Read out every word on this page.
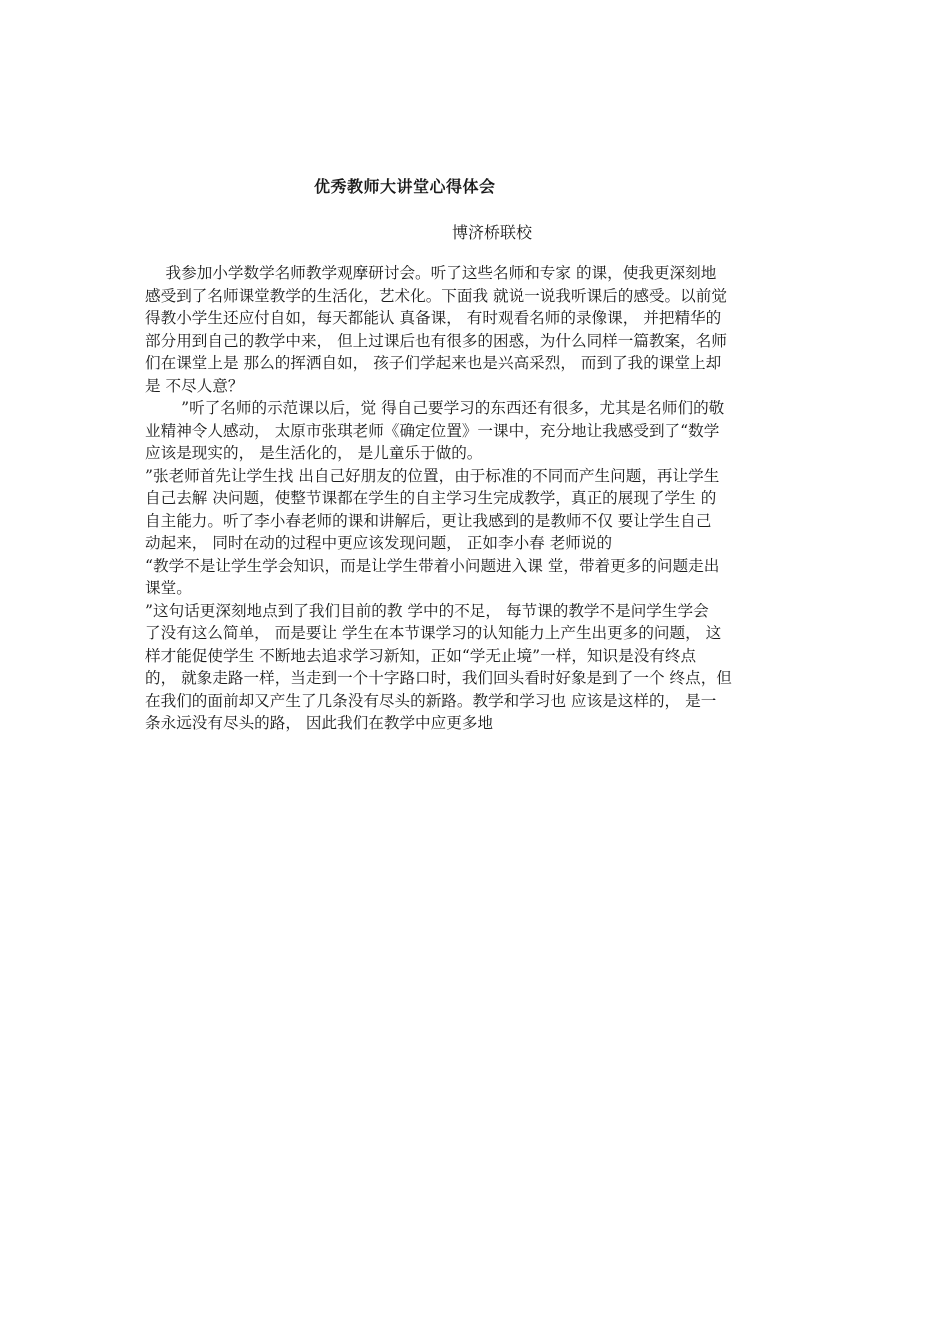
优秀教师大讲堂心得体会
博济桥联校
　 我参加小学数学名师教学观摩研讨会。听了这些名师和专家 的课，使我更深刻地
感受到了名师课堂教学的生活化，艺术化。下面我 就说一说我听课后的感受。以前觉
得教小学生还应付自如，每天都能认 真备课， 有时观看名师的录像课， 并把精华的
部分用到自己的教学中来， 但上过课后也有很多的困惑，为什么同样一篇教案，名师
们在课堂上是 那么的挥洒自如， 孩子们学起来也是兴高采烈， 而到了我的课堂上却
是 不尽人意？
　　 ”听了名师的示范课以后，觉 得自己要学习的东西还有很多，尤其是名师们的敬
业精神令人感动， 太原市张琪老师《确定位置》一课中，充分地让我感受到了“数学
应该是现实的， 是生活化的， 是儿童乐于做的。
”张老师首先让学生找 出自己好朋友的位置，由于标准的不同而产生问题，再让学生
自己去解 决问题，使整节课都在学生的自主学习生完成教学，真正的展现了学生 的
自主能力。听了李小春老师的课和讲解后，更让我感到的是教师不仅 要让学生自己
动起来， 同时在动的过程中更应该发现问题， 正如李小春 老师说的
“教学不是让学生学会知识，而是让学生带着小问题进入课 堂，带着更多的问题走出
课堂。
”这句话更深刻地点到了我们目前的教 学中的不足， 每节课的教学不是问学生学会
了没有这么简单， 而是要让 学生在本节课学习的认知能力上产生出更多的问题， 这
样才能促使学生 不断地去追求学习新知，正如“学无止境”一样，知识是没有终点
的， 就象走路一样，当走到一个十字路口时，我们回头看时好象是到了一个 终点，但
在我们的面前却又产生了几条没有尽头的新路。教学和学习也 应该是这样的， 是一
条永远没有尽头的路， 因此我们在教学中应更多地
